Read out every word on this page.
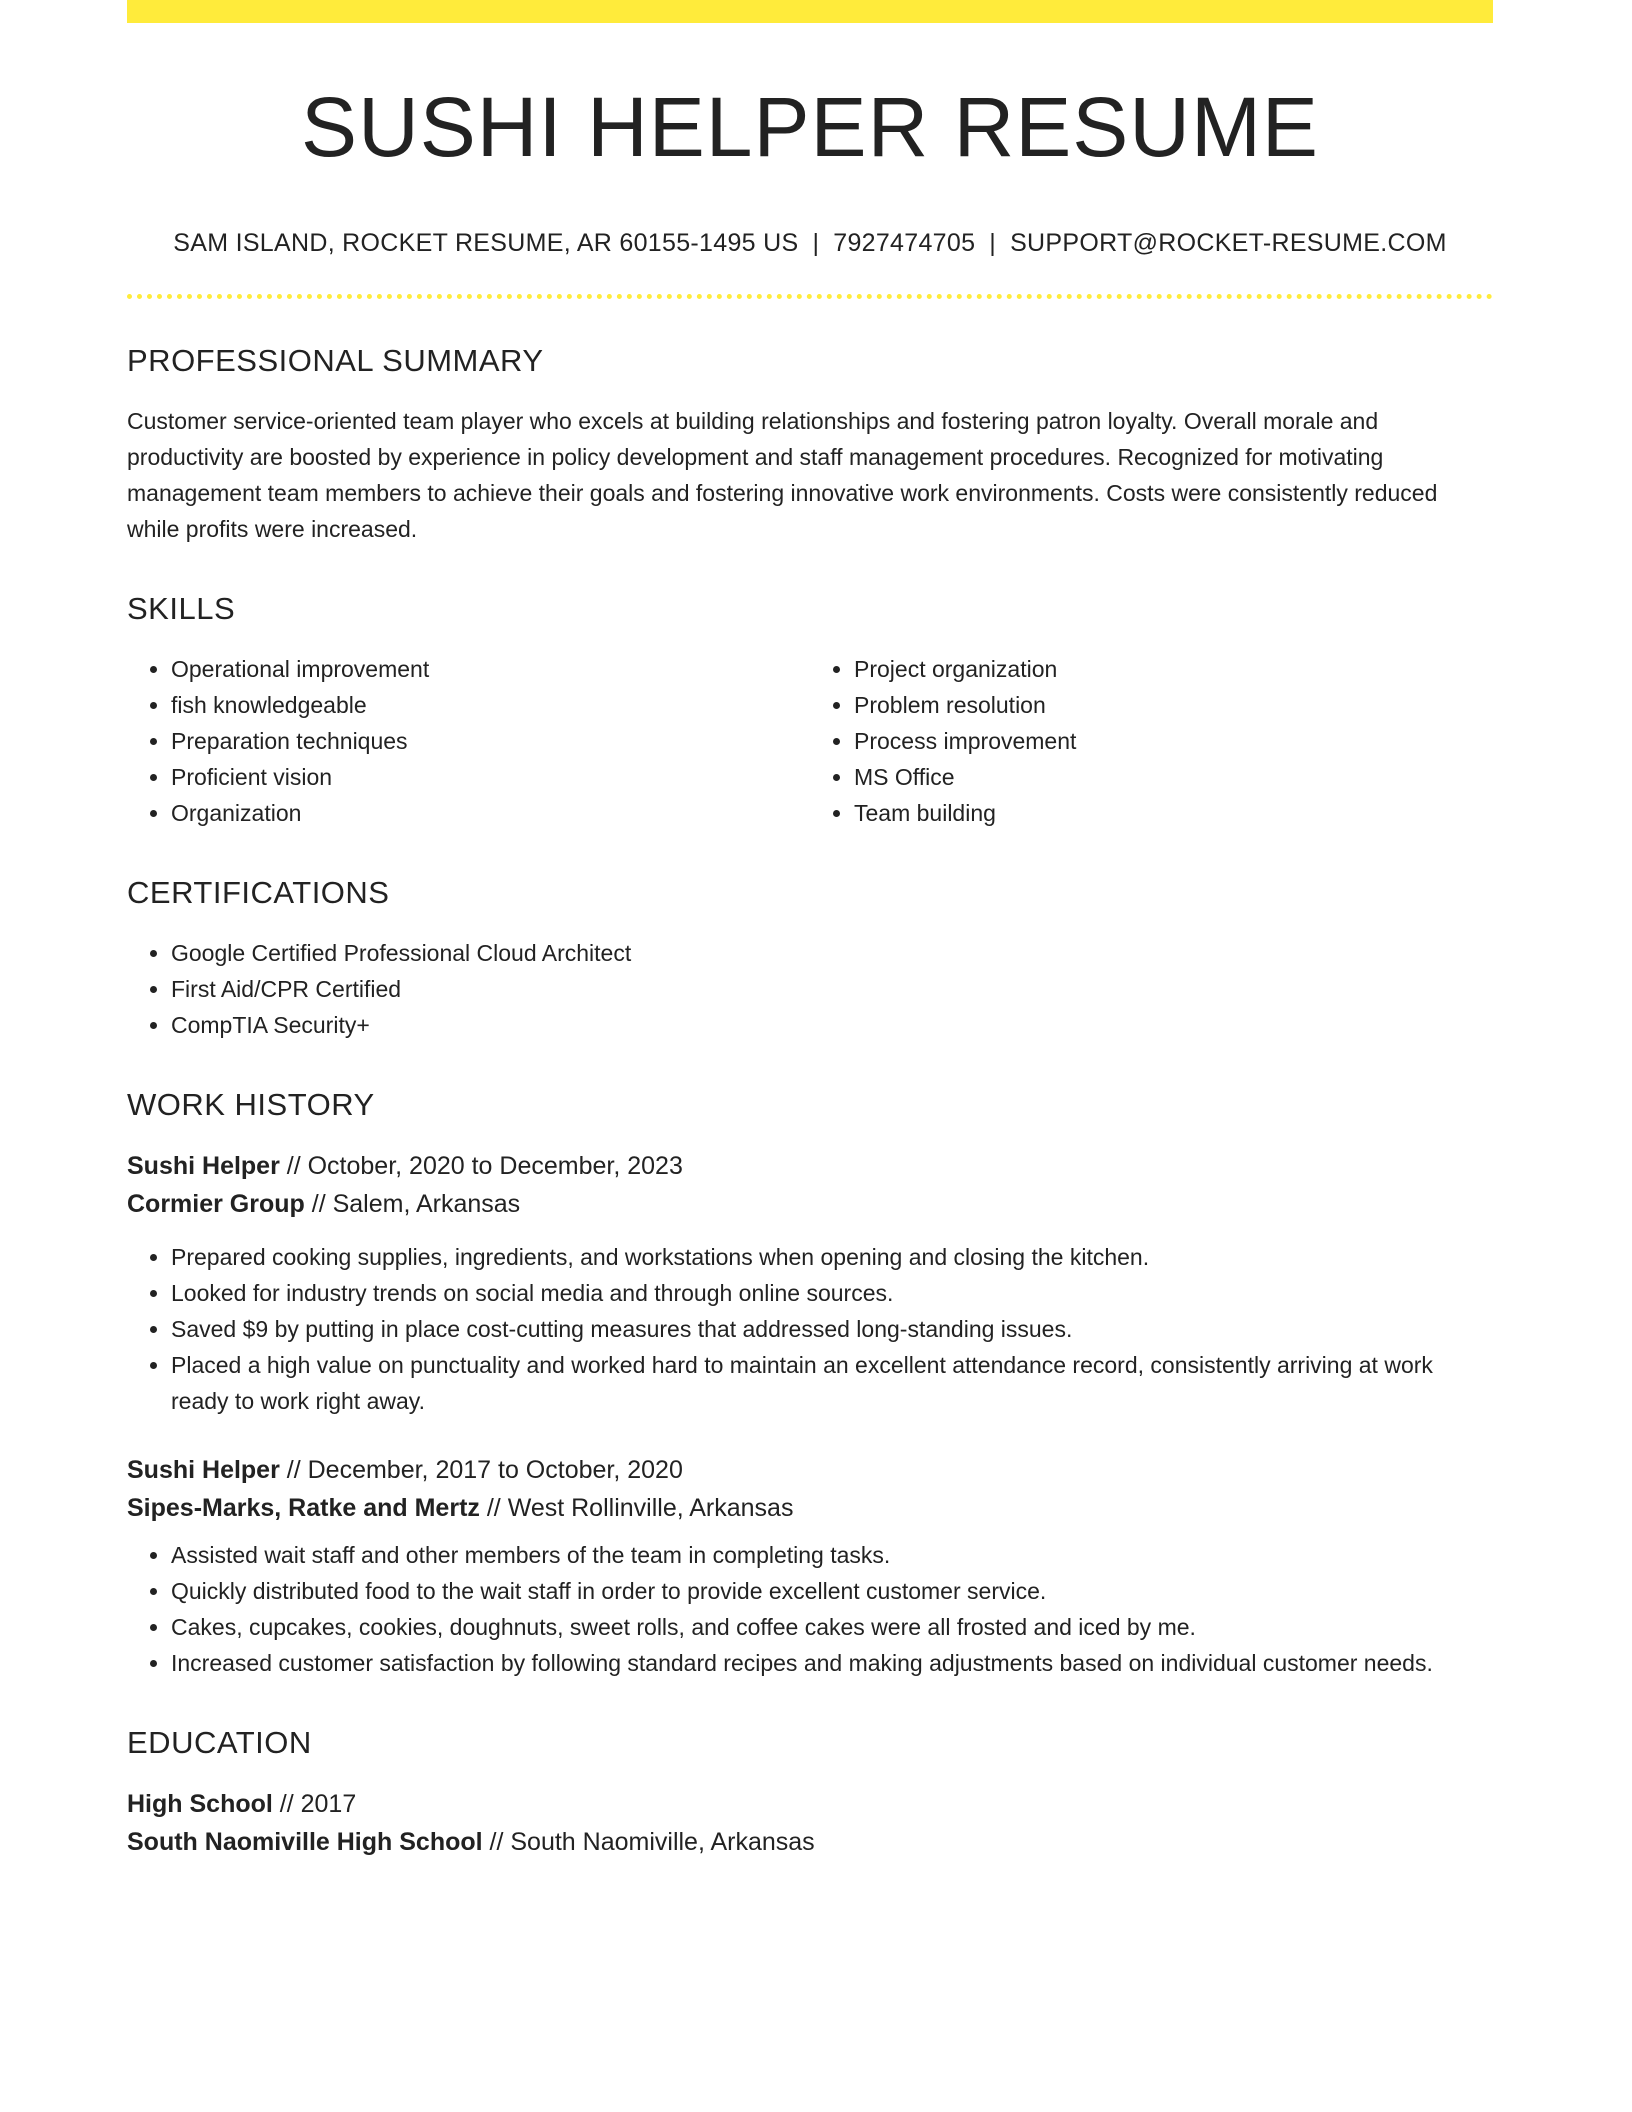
SUSHI HELPER RESUME
SAM ISLAND, ROCKET RESUME, AR 60155-1495 US | 7927474705 | SUPPORT@ROCKET-RESUME.COM
PROFESSIONAL SUMMARY

Customer service-oriented team player who excels at building relationships and fostering patron loyalty. Overall morale and productivity are boosted by experience in policy development and staff management procedures. Recognized for motivating management team members to achieve their goals and fostering innovative work environments. Costs were consistently reduced while profits were increased.

SKILLS
• Operational improvement
• fish knowledgeable
• Preparation techniques
• Proficient vision
• Organization
• Project organization
• Problem resolution
• Process improvement
• MS Office
• Team building
CERTIFICATIONS
• Google Certified Professional Cloud Architect
• First Aid/CPR Certified
• CompTIA Security+
WORK HISTORY
Sushi Helper // October, 2020 to December, 2023
Cormier Group // Salem, Arkansas
• Prepared cooking supplies, ingredients, and workstations when opening and closing the kitchen.
• Looked for industry trends on social media and through online sources.
• Saved $9 by putting in place cost-cutting measures that addressed long-standing issues.
• Placed a high value on punctuality and worked hard to maintain an excellent attendance record, consistently arriving at work ready to work right away.
Sushi Helper // December, 2017 to October, 2020
Sipes-Marks, Ratke and Mertz // West Rollinville, Arkansas
• Assisted wait staff and other members of the team in completing tasks.
• Quickly distributed food to the wait staff in order to provide excellent customer service.
• Cakes, cupcakes, cookies, doughnuts, sweet rolls, and coffee cakes were all frosted and iced by me.
• Increased customer satisfaction by following standard recipes and making adjustments based on individual customer needs.
EDUCATION
High School // 2017
South Naomiville High School // South Naomiville, Arkansas
